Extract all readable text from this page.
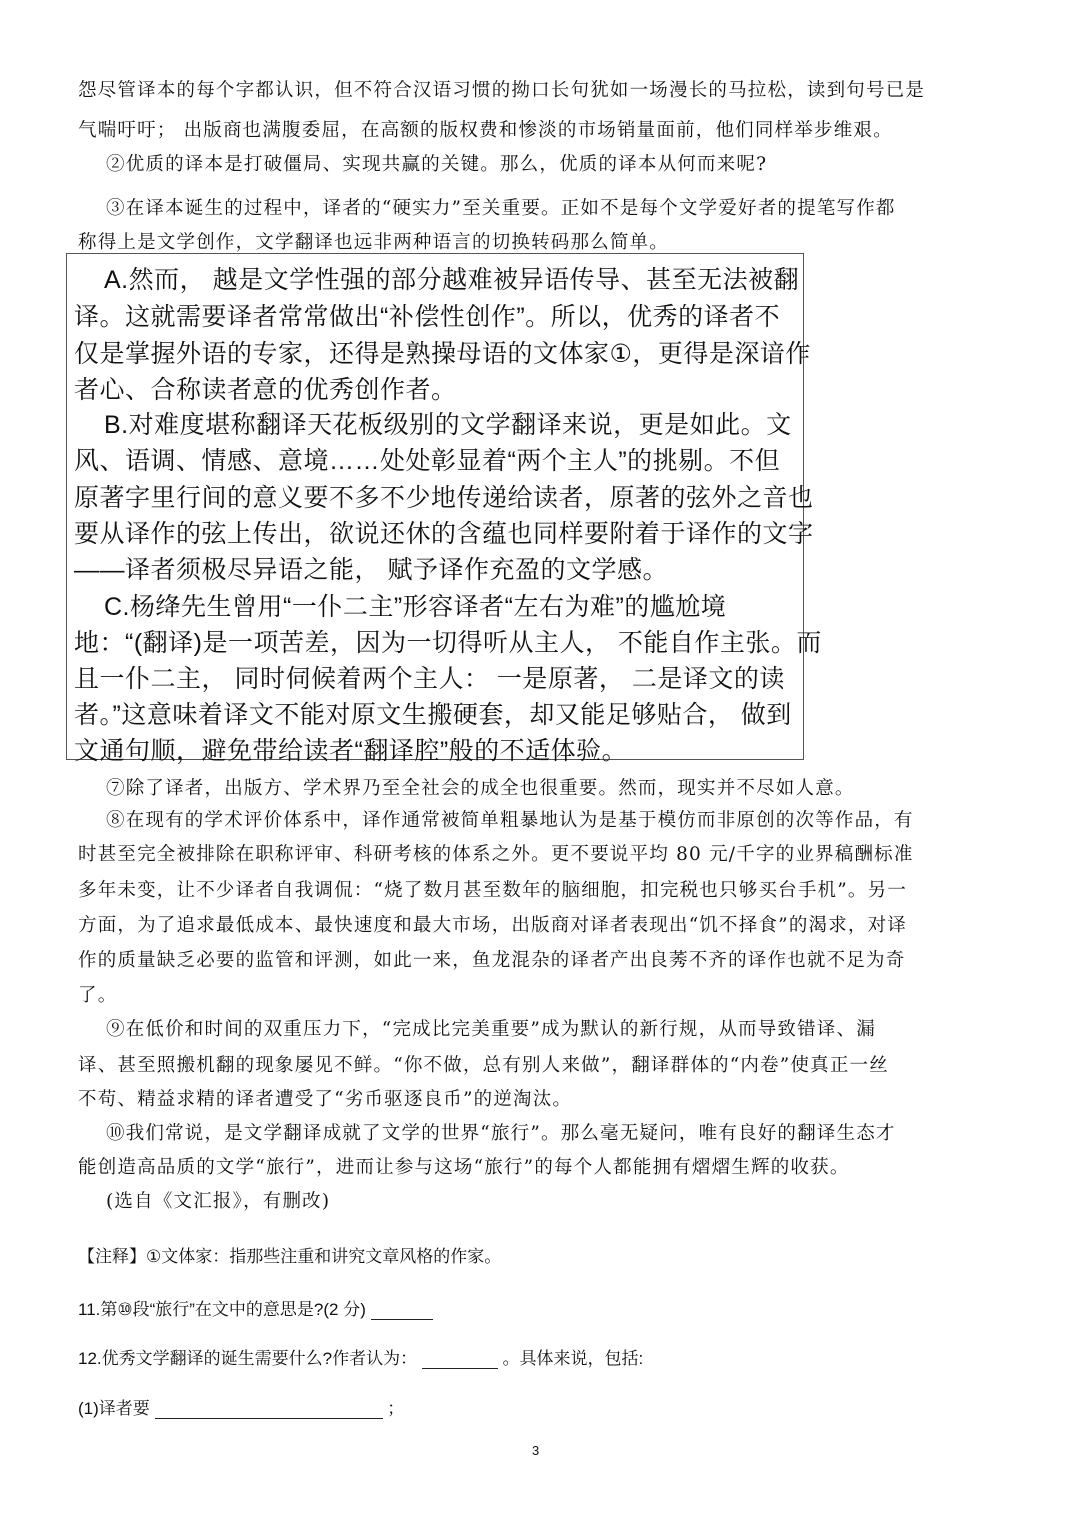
怨尽管译本的每个字都认识，但不符合汉语习惯的拗口长句犹如一场漫长的马拉松，读到句号已是
气喘吁吁； 出版商也满腹委屈，在高额的版权费和惨淡的市场销量面前，他们同样举步维艰。
②优质的译本是打破僵局、实现共赢的关键。那么，优质的译本从何而来呢?
③在译本诞生的过程中，译者的“硬实力”至关重要。正如不是每个文学爱好者的提笔写作都
称得上是文学创作，文学翻译也远非两种语言的切换转码那么简单。
A.然而， 越是文学性强的部分越难被异语传导、甚至无法被翻
译。这就需要译者常常做出“补偿性创作”。所以，优秀的译者不
仅是掌握外语的专家，还得是熟操母语的文体家①，更得是深谙作
者心、合称读者意的优秀创作者。
B.对难度堪称翻译天花板级别的文学翻译来说，更是如此。文
风、语调、情感、意境……处处彰显着“两个主人”的挑剔。不但
原著字里行间的意义要不多不少地传递给读者，原著的弦外之音也
要从译作的弦上传出，欲说还休的含蕴也同样要附着于译作的文字
——译者须极尽异语之能， 赋予译作充盈的文学感。
C.杨绛先生曾用“一仆二主”形容译者“左右为难”的尴尬境
地：“(翻译)是一项苦差，因为一切得听从主人， 不能自作主张。而
且一仆二主， 同时伺候着两个主人： 一是原著， 二是译文的读
者。”这意味着译文不能对原文生搬硬套，却又能足够贴合， 做到
文通句顺，避免带给读者“翻译腔”般的不适体验。
⑦除了译者，出版方、学术界乃至全社会的成全也很重要。然而，现实并不尽如人意。
⑧在现有的学术评价体系中，译作通常被简单粗暴地认为是基于模仿而非原创的次等作品，有
时甚至完全被排除在职称评审、科研考核的体系之外。更不要说平均 80 元/千字的业界稿酬标准
多年未变，让不少译者自我调侃：“烧了数月甚至数年的脑细胞，扣完税也只够买台手机”。另一
方面，为了追求最低成本、最快速度和最大市场，出版商对译者表现出“饥不择食”的渴求，对译
作的质量缺乏必要的监管和评测，如此一来，鱼龙混杂的译者产出良莠不齐的译作也就不足为奇
了。
⑨在低价和时间的双重压力下，“完成比完美重要”成为默认的新行规，从而导致错译、漏
译、甚至照搬机翻的现象屡见不鲜。“你不做，总有别人来做”，翻译群体的“内卷”使真正一丝
不苟、精益求精的译者遭受了“劣币驱逐良币”的逆淘汰。
⑩我们常说，是文学翻译成就了文学的世界“旅行”。那么毫无疑问，唯有良好的翻译生态才
能创造高品质的文学“旅行”，进而让参与这场“旅行”的每个人都能拥有熠熠生辉的收获。
(选自《文汇报》，有删改)
【注释】①文体家：指那些注重和讲究文章风格的作家。
11.第⑩段“旅行”在文中的意思是?(2 分)
12.优秀文学翻译的诞生需要什么?作者认为：	。具体来说，包括:
(1)译者要	；
3
